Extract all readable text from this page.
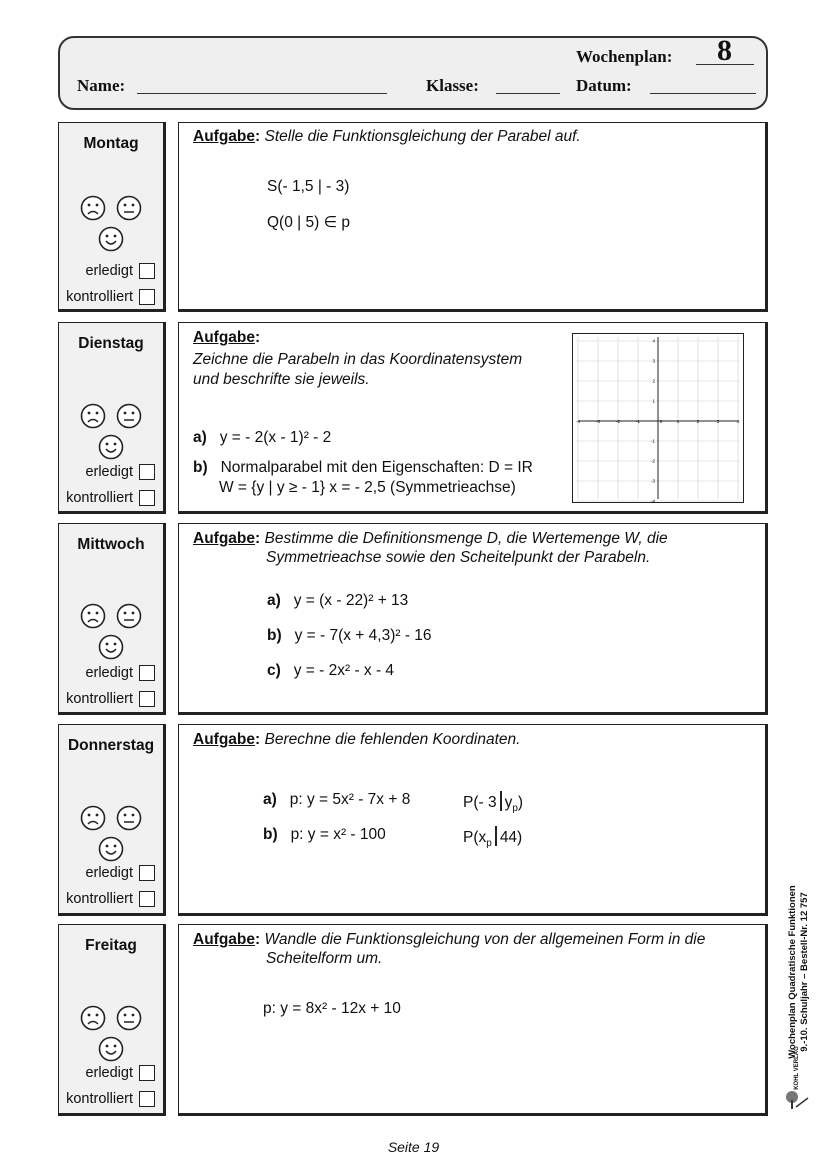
Wochenplan: 8
Name:	Klasse:	Datum:
Montag

erledigt
kontrolliert
Aufgabe: Stelle die Funktionsgleichung der Parabel auf.
S(- 1,5 | - 3)
Q(0 | 5) ∈ p
Dienstag

erledigt
kontrolliert
Aufgabe:
Zeichne die Parabeln in das Koordinatensystem
und beschrifte sie jeweils.
a) y = - 2(x - 1)² - 2
b) Normalparabel mit den Eigenschaften: D = IR
W = {y | y ≥ - 1} x = - 2,5 (Symmetrieachse)
-4	-3	-2	-1	0	1	2	3	4
4
3
2
1
-1
-2
-3
-4
Mittwoch

erledigt
kontrolliert
Aufgabe: Bestimme die Definitionsmenge D, die Wertemenge W, die
Symmetrieachse sowie den Scheitelpunkt der Parabeln.
a) y = (x - 22)² + 13
b) y = - 7(x + 4,3)² - 16
c) y = - 2x² - x - 4
Donnerstag

erledigt
kontrolliert
Aufgabe: Berechne die fehlenden Koordinaten.
a) p: y = 5x² - 7x + 8	P(- 3 $y_p$)
b) p: y = x² - 100	$P(x_p$ 44)
Freitag

erledigt
kontrolliert
Aufgabe: Wandle die Funktionsgleichung von der allgemeinen Form in die
Scheitelform um.
p: y = 8x² - 12x + 10	Wochenplan Quadratische Funktionen 9.-10. Schuljahr – Bestell-Nr. 12 757
KOHL VERLAG
Seite 19
